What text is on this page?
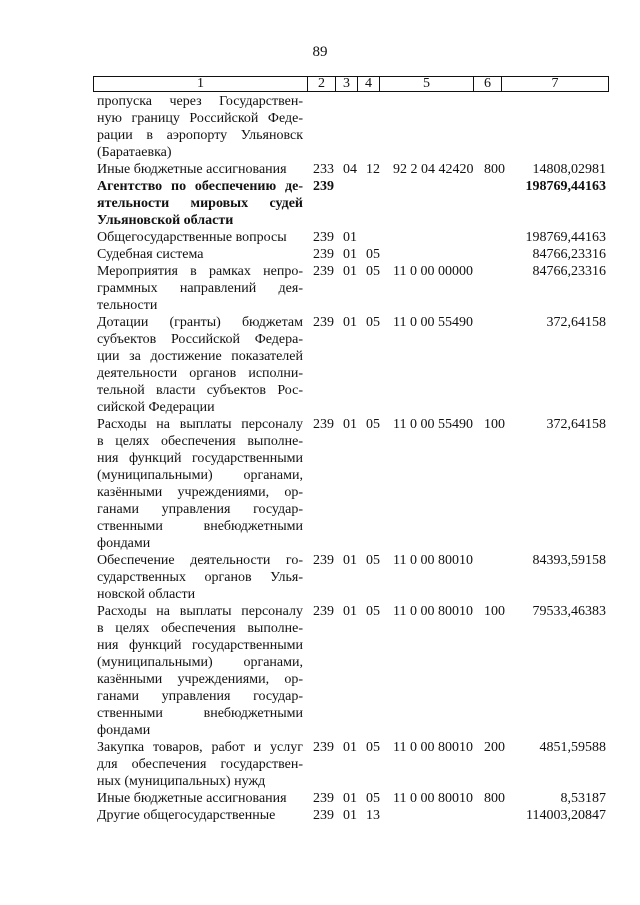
89
1	2	3	4	5	6	7
пропуска через Государствен-
ную границу Российской Феде-
рации в аэропорту Ульяновск
(Баратаевка)
Иные бюджетные ассигнования	233 04 12 92 2 04 42420 800	14808,02981
Агентство по обеспечению де-
ятельности мировых судей
Ульяновской области
239	198769,44163
Общегосударственные вопросы	239 01	198769,44163
Судебная система	239 01 05	84766,23316
Мероприятия в рамках непро-
граммных направлений дея-
тельности
239 01 05 11 0 00 00000	84766,23316
Дотации (гранты) бюджетам
субъектов Российской Федера-
ции за достижение показателей
деятельности органов исполни-
тельной власти субъектов Рос-
сийской Федерации
239 01 05 11 0 00 55490	372,64158
Расходы на выплаты персоналу
в целях обеспечения выполне-
ния функций государственными
(муниципальными) органами,
казёнными учреждениями, ор-
ганами управления государ-
ственными внебюджетными
фондами
239 01 05 11 0 00 55490 100	372,64158
Обеспечение деятельности го-
сударственных органов Улья-
новской области
239 01 05 11 0 00 80010	84393,59158
Расходы на выплаты персоналу
в целях обеспечения выполне-
ния функций государственными
(муниципальными) органами,
казёнными учреждениями, ор-
ганами управления государ-
ственными внебюджетными
фондами
239 01 05 11 0 00 80010 100	79533,46383
Закупка товаров, работ и услуг
для обеспечения государствен-
ных (муниципальных) нужд
239 01 05 11 0 00 80010 200	4851,59588
Иные бюджетные ассигнования	239 01 05 11 0 00 80010 800	8,53187
Другие общегосударственные	239 01 13	114003,20847
